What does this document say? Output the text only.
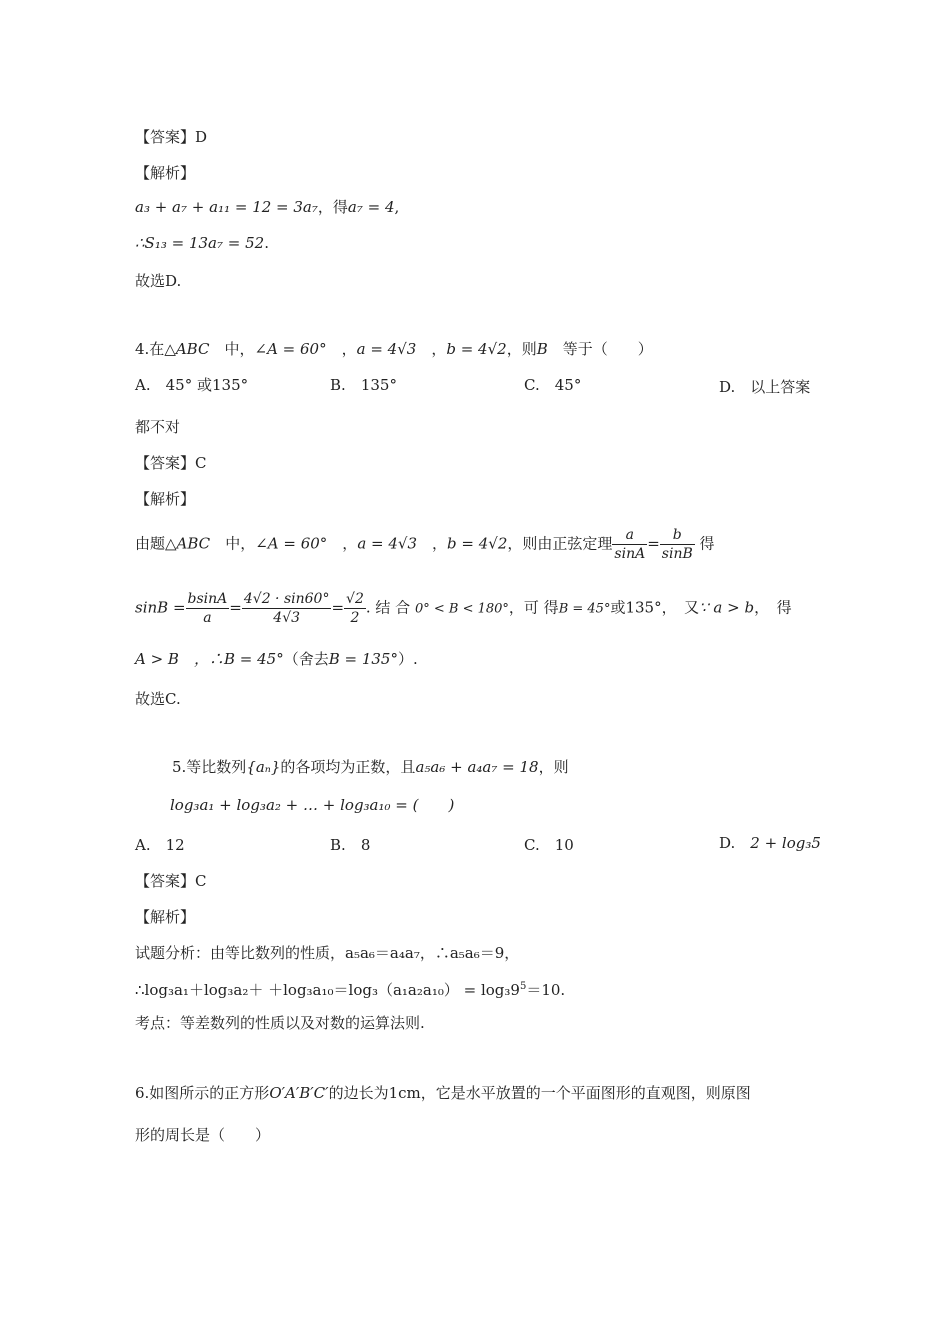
【答案】D
【解析】
a₃ + a₇ + a₁₁ = 12 = 3a₇，得a₇ = 4,
∴S₁₃ = 13a₇ = 52.
故选D.
4.在△ABC　 中，∠A = 60°　，a = 4√3　，b = 4√2，则B　 等于（　　）
A.　 45° 或135°	B.　 135°	C.　 45°	D.　 以上答案
都不对
【答案】C
【解析】
由题△ABC　 中，∠A = 60°　，a = 4√3　，b = 4√2，则由正弦定理 $\frac{a}{\sin A} = \frac{b}{\sin B}$ 得
$\sin B = \frac{bsinA}{a} = \frac{4√2 \cdot \sin 60^\circ}{4√3} = \frac{√2}{2}$ . 结 合 0° < B < 180°，可 得B = 45°或135°，　又∵ a > b，　得
A > B　 ，∴B = 45°（舍去B = 135°）.
故选C.
5.等比数列{aₙ}的各项均为正数，且a₅a₆ + a₄a₇ = 18，则
log₃a₁ + log₃a₂ + … + log₃a₁₀ = (　　)
A.　 12	B.　 8	C.　 10	D.　 2 + log₃5
【答案】C
【解析】
试题分析：由等比数列的性质，a₅a₆＝a₄a₇，∴a₅a₆＝9，
∴log₃a₁＋log₃a₂＋ $+\log_3a_{10}=\log_3(a_1a_2a_{10}) = \log_39^5=10$.
考点：等差数列的性质以及对数的运算法则.
6.如图所示的正方形O′A′B′C′的边长为1cm，它是水平放置的一个平面图形的直观图，则原图
形的周长是（　　）
